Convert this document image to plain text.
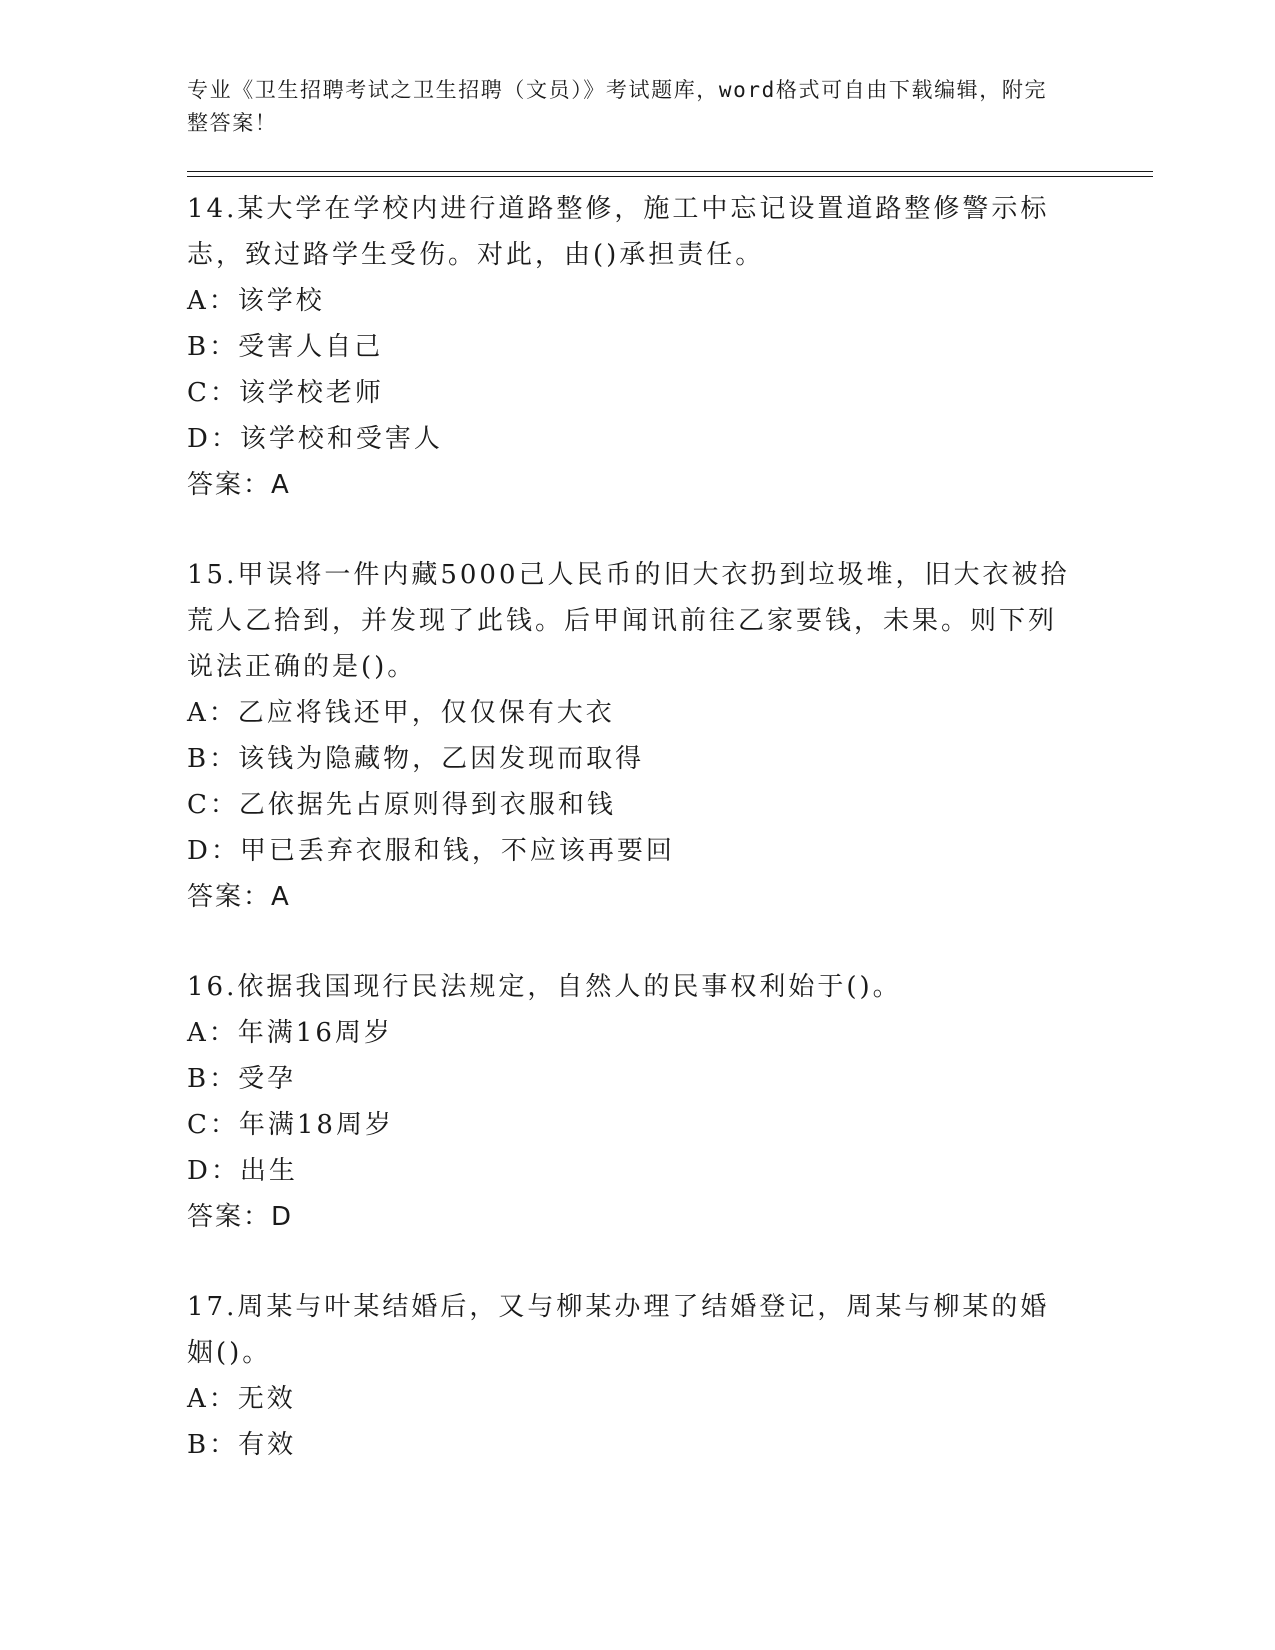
专业《卫生招聘考试之卫生招聘（文员）》考试题库，word格式可自由下载编辑，附完整答案！
14.某大学在学校内进行道路整修，施工中忘记设置道路整修警示标志，致过路学生受伤。对此，由()承担责任。
A：该学校
B：受害人自己
C：该学校老师
D：该学校和受害人
答案：A
15.甲误将一件内藏5000己人民币的旧大衣扔到垃圾堆，旧大衣被拾荒人乙拾到，并发现了此钱。后甲闻讯前往乙家要钱，未果。则下列说法正确的是()。
A：乙应将钱还甲，仅仅保有大衣
B：该钱为隐藏物，乙因发现而取得
C：乙依据先占原则得到衣服和钱
D：甲已丢弃衣服和钱，不应该再要回
答案：A
16.依据我国现行民法规定，自然人的民事权利始于()。
A：年满16周岁
B：受孕
C：年满18周岁
D：出生
答案：D
17.周某与叶某结婚后，又与柳某办理了结婚登记，周某与柳某的婚姻()。
A：无效
B：有效
